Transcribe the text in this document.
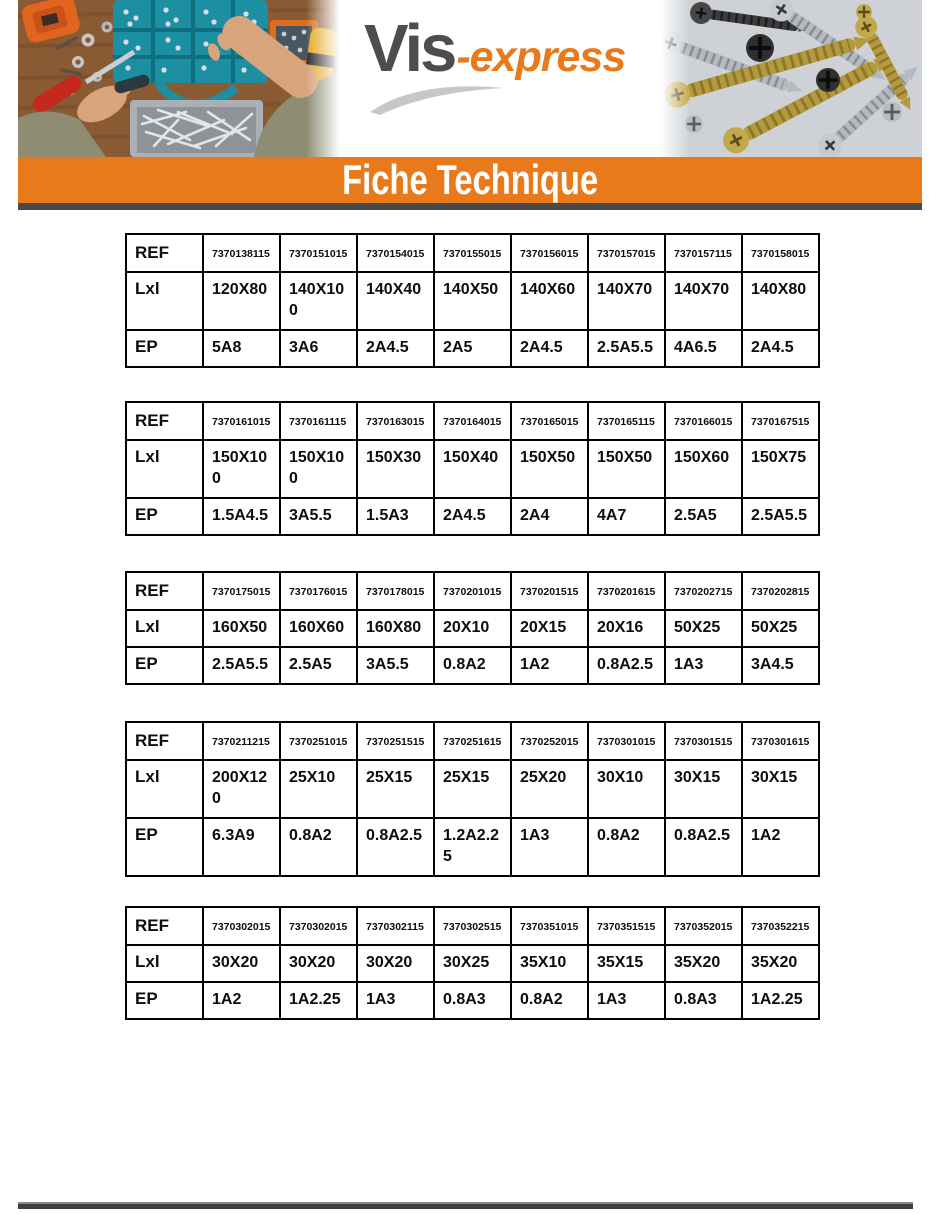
Vis -express
Fiche Technique
REF	7370138115	7370151015	7370154015	7370155015	7370156015	7370157015	7370157115	7370158015
Lxl	120X80	140X100	140X40	140X50	140X60	140X70	140X70	140X80
EP	5A8	3A6	2A4.5	2A5	2A4.5	2.5A5.5	4A6.5	2A4.5
REF	7370161015	7370161115	7370163015	7370164015	7370165015	7370165115	7370166015	7370167515
Lxl	150X100	150X100	150X30	150X40	150X50	150X50	150X60	150X75
EP	1.5A4.5	3A5.5	1.5A3	2A4.5	2A4	4A7	2.5A5	2.5A5.5
REF	7370175015	7370176015	7370178015	7370201015	7370201515	7370201615	7370202715	7370202815
Lxl	160X50	160X60	160X80	20X10	20X15	20X16	50X25	50X25
EP	2.5A5.5	2.5A5	3A5.5	0.8A2	1A2	0.8A2.5	1A3	3A4.5
REF	7370211215	7370251015	7370251515	7370251615	7370252015	7370301015	7370301515	7370301615
Lxl	200X120	25X10	25X15	25X15	25X20	30X10	30X15	30X15
EP	6.3A9	0.8A2	0.8A2.5	1.2A2.25	1A3	0.8A2	0.8A2.5	1A2
REF	7370302015	7370302015	7370302115	7370302515	7370351015	7370351515	7370352015	7370352215
Lxl	30X20	30X20	30X20	30X25	35X10	35X15	35X20	35X20
EP	1A2	1A2.25	1A3	0.8A3	0.8A2	1A3	0.8A3	1A2.25
